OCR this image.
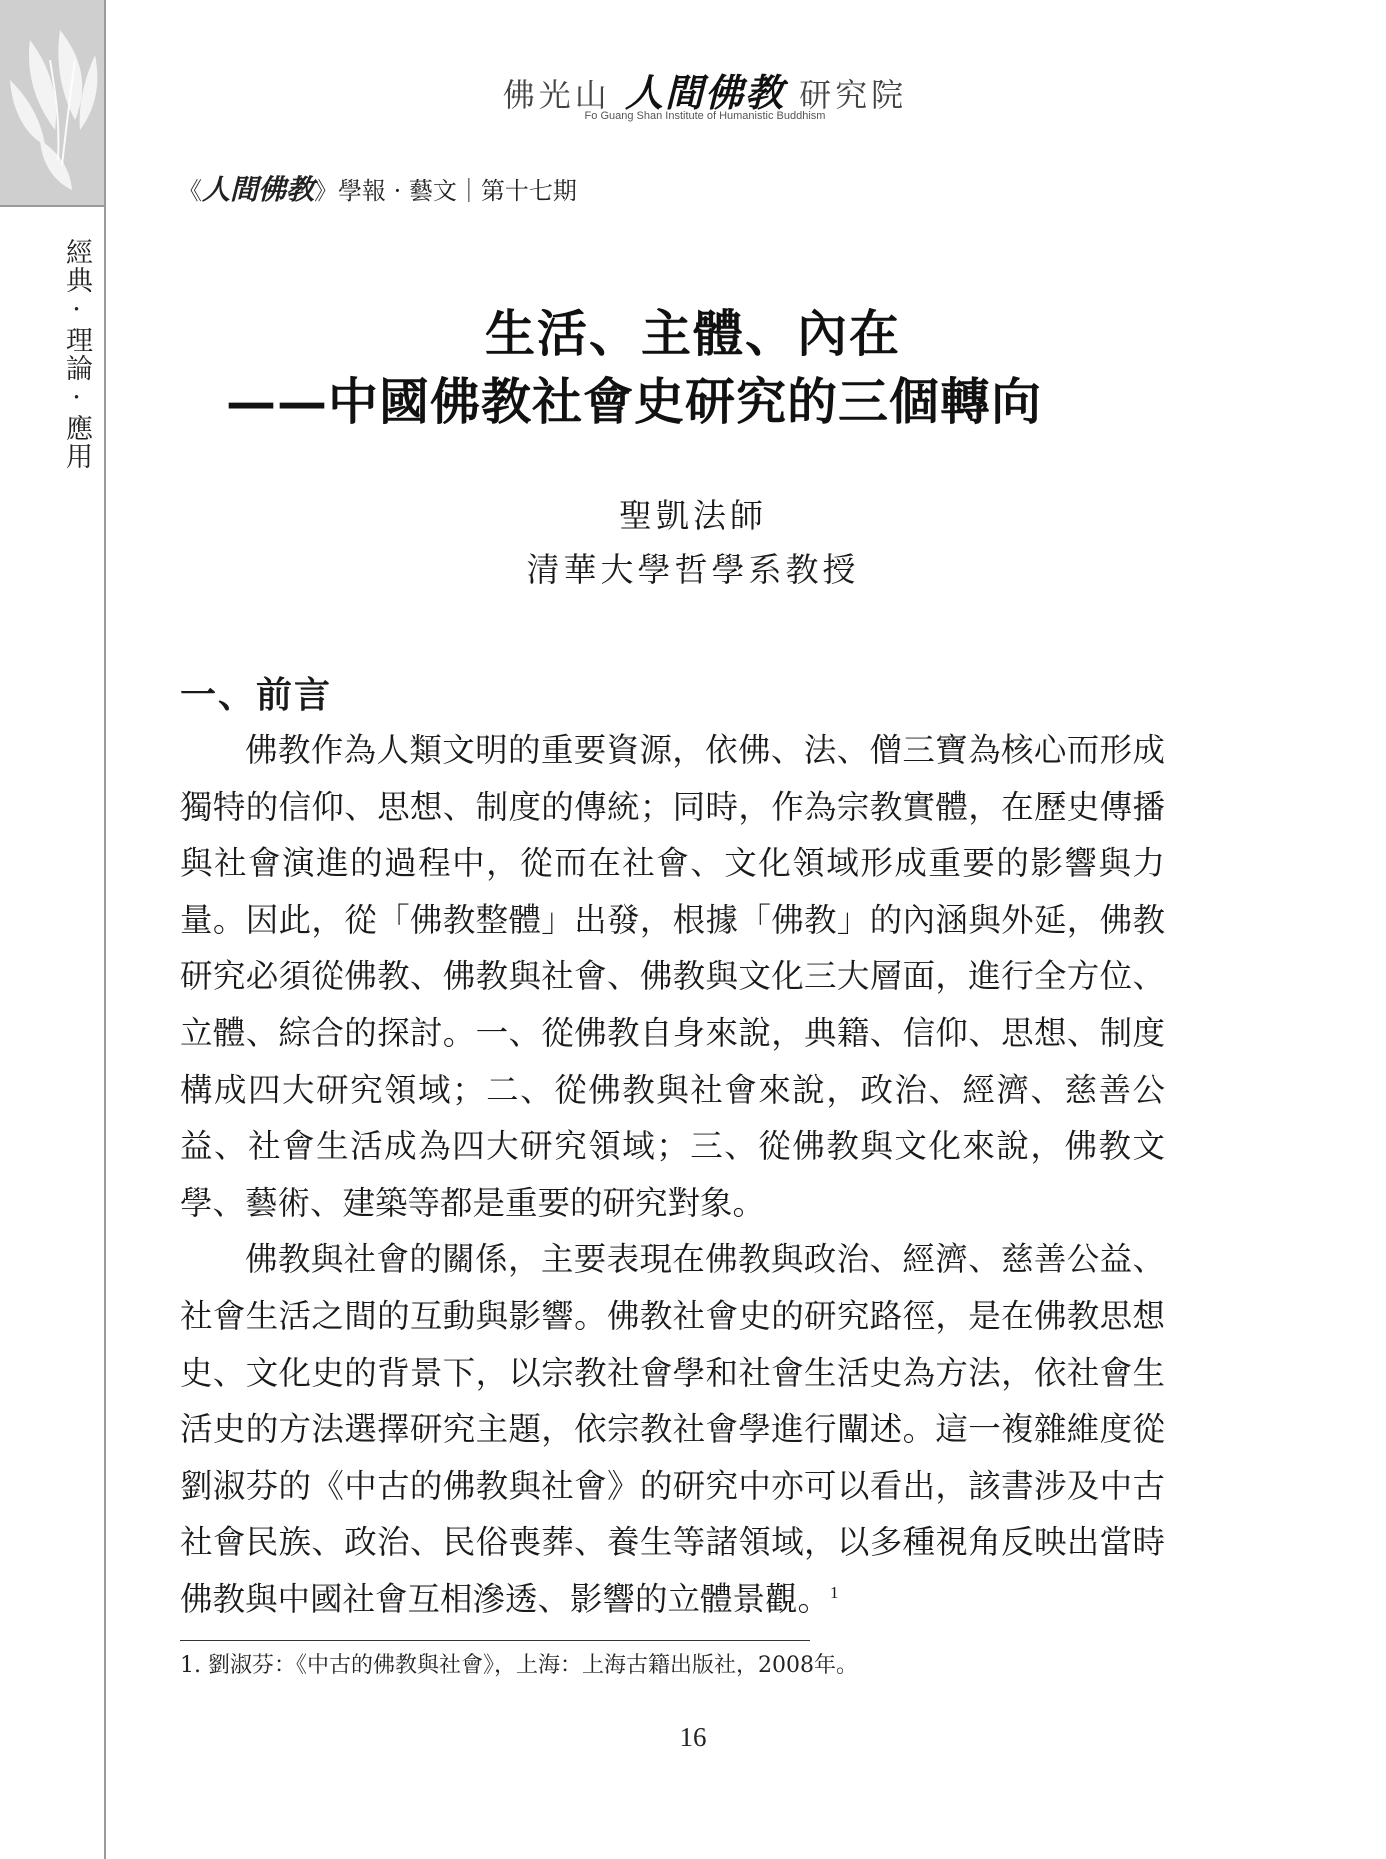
經典·理論·應用
佛光山 人間佛教 研究院
Fo Guang Shan Institute of Humanistic Buddhism
《人間佛教》學報 · 藝文｜第十七期
生活、主體、內在
——中國佛教社會史研究的三個轉向
聖凱法師
清華大學哲學系教授
一、前言

佛教作為人類文明的重要資源，依佛、法、僧三寶為核心而形成獨特的信仰、思想、制度的傳統；同時，作為宗教實體，在歷史傳播與社會演進的過程中，從而在社會、文化領域形成重要的影響與力量。因此，從「佛教整體」出發，根據「佛教」的內涵與外延，佛教研究必須從佛教、佛教與社會、佛教與文化三大層面，進行全方位、立體、綜合的探討。一、從佛教自身來說，典籍、信仰、思想、制度構成四大研究領域；二、從佛教與社會來說，政治、經濟、慈善公益、社會生活成為四大研究領域；三、從佛教與文化來說，佛教文學、藝術、建築等都是重要的研究對象。

佛教與社會的關係，主要表現在佛教與政治、經濟、慈善公益、社會生活之間的互動與影響。佛教社會史的研究路徑，是在佛教思想史、文化史的背景下，以宗教社會學和社會生活史為方法，依社會生活史的方法選擇研究主題，依宗教社會學進行闡述。這一複雜維度從劉淑芬的《中古的佛教與社會》的研究中亦可以看出，該書涉及中古社會民族、政治、民俗喪葬、養生等諸領域，以多種視角反映出當時佛教與中國社會互相滲透、影響的立體景觀。$^1$

1. 劉淑芬：《中古的佛教與社會》，上海：上海古籍出版社，2008年。
16
